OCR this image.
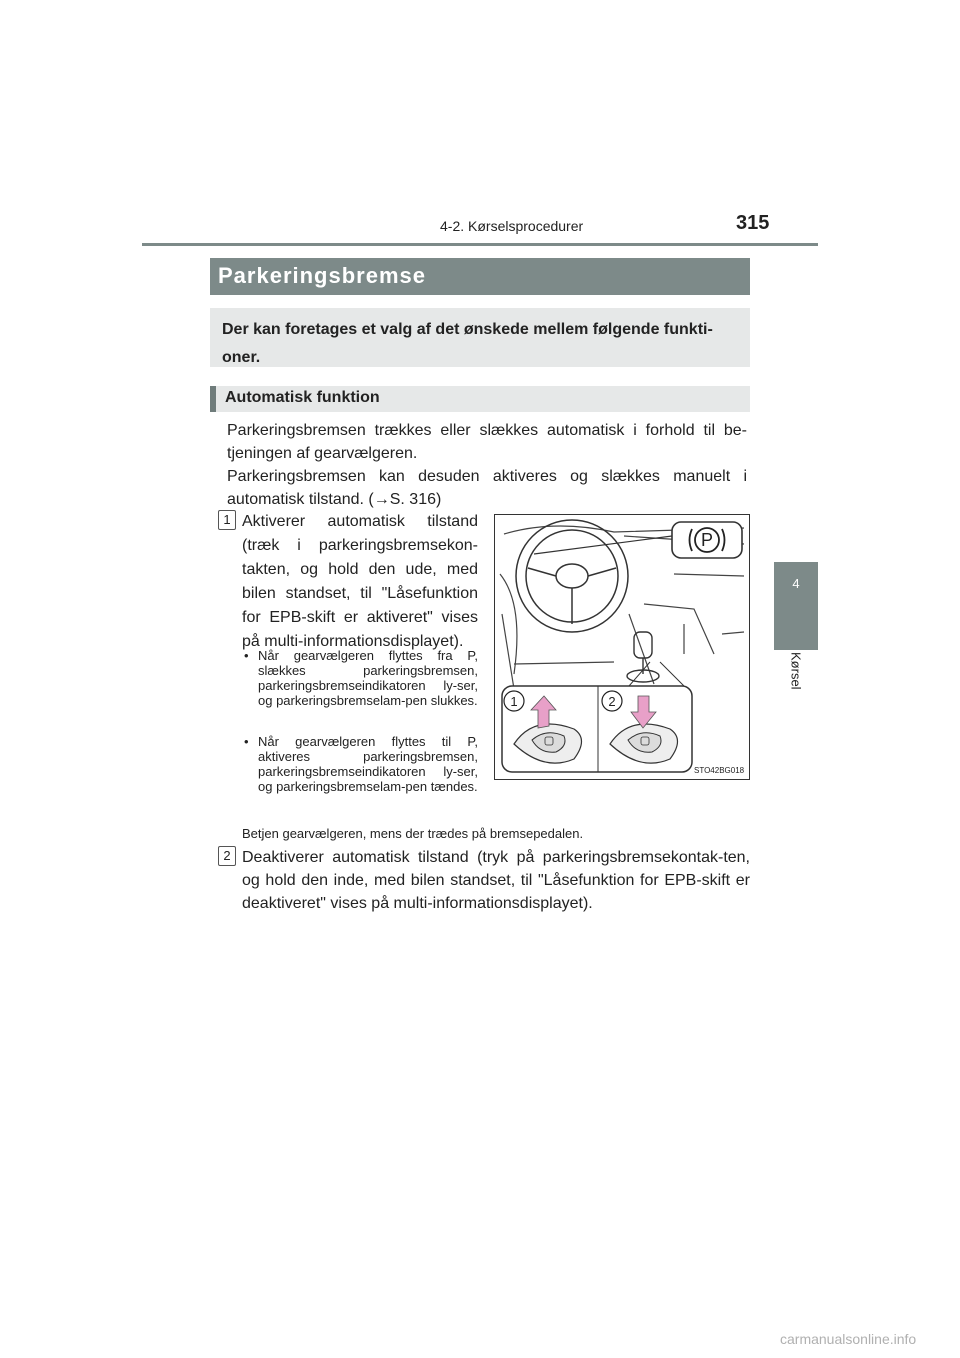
4-2. Kørselsprocedurer	315
4
Kørsel
Parkeringsbremse
Der kan foretages et valg af det ønskede mellem følgende funkti-oner.
Automatisk funktion
Parkeringsbremsen trækkes eller slækkes automatisk i forhold til be-tjeningen af gearvælgeren.
Parkeringsbremsen kan desuden aktiveres og slækkes manuelt i automatisk tilstand. (→S. 316)
1 Aktiverer automatisk tilstand (træk i parkeringsbremsekon-takten, og hold den ude, med bilen standset, til "Låsefunktion for EPB-skift er aktiveret" vises på multi-informationsdisplayet).
• Når gearvælgeren flyttes fra P, slækkes parkeringsbremsen, parkeringsbremseindikatoren ly-ser, og parkeringsbremselam-pen slukkes.
• Når gearvælgeren flyttes til P, aktiveres parkeringsbremsen, parkeringsbremseindikatoren ly-ser, og parkeringsbremselam-pen tændes.
Betjen gearvælgeren, mens der trædes på bremsepedalen.
2 Deaktiverer automatisk tilstand (tryk på parkeringsbremsekontak-ten, og hold den inde, med bilen standset, til "Låsefunktion for EPB-skift er deaktiveret" vises på multi-informationsdisplayet).
P
1	2
STO42BG018
carmanualsonline.info
